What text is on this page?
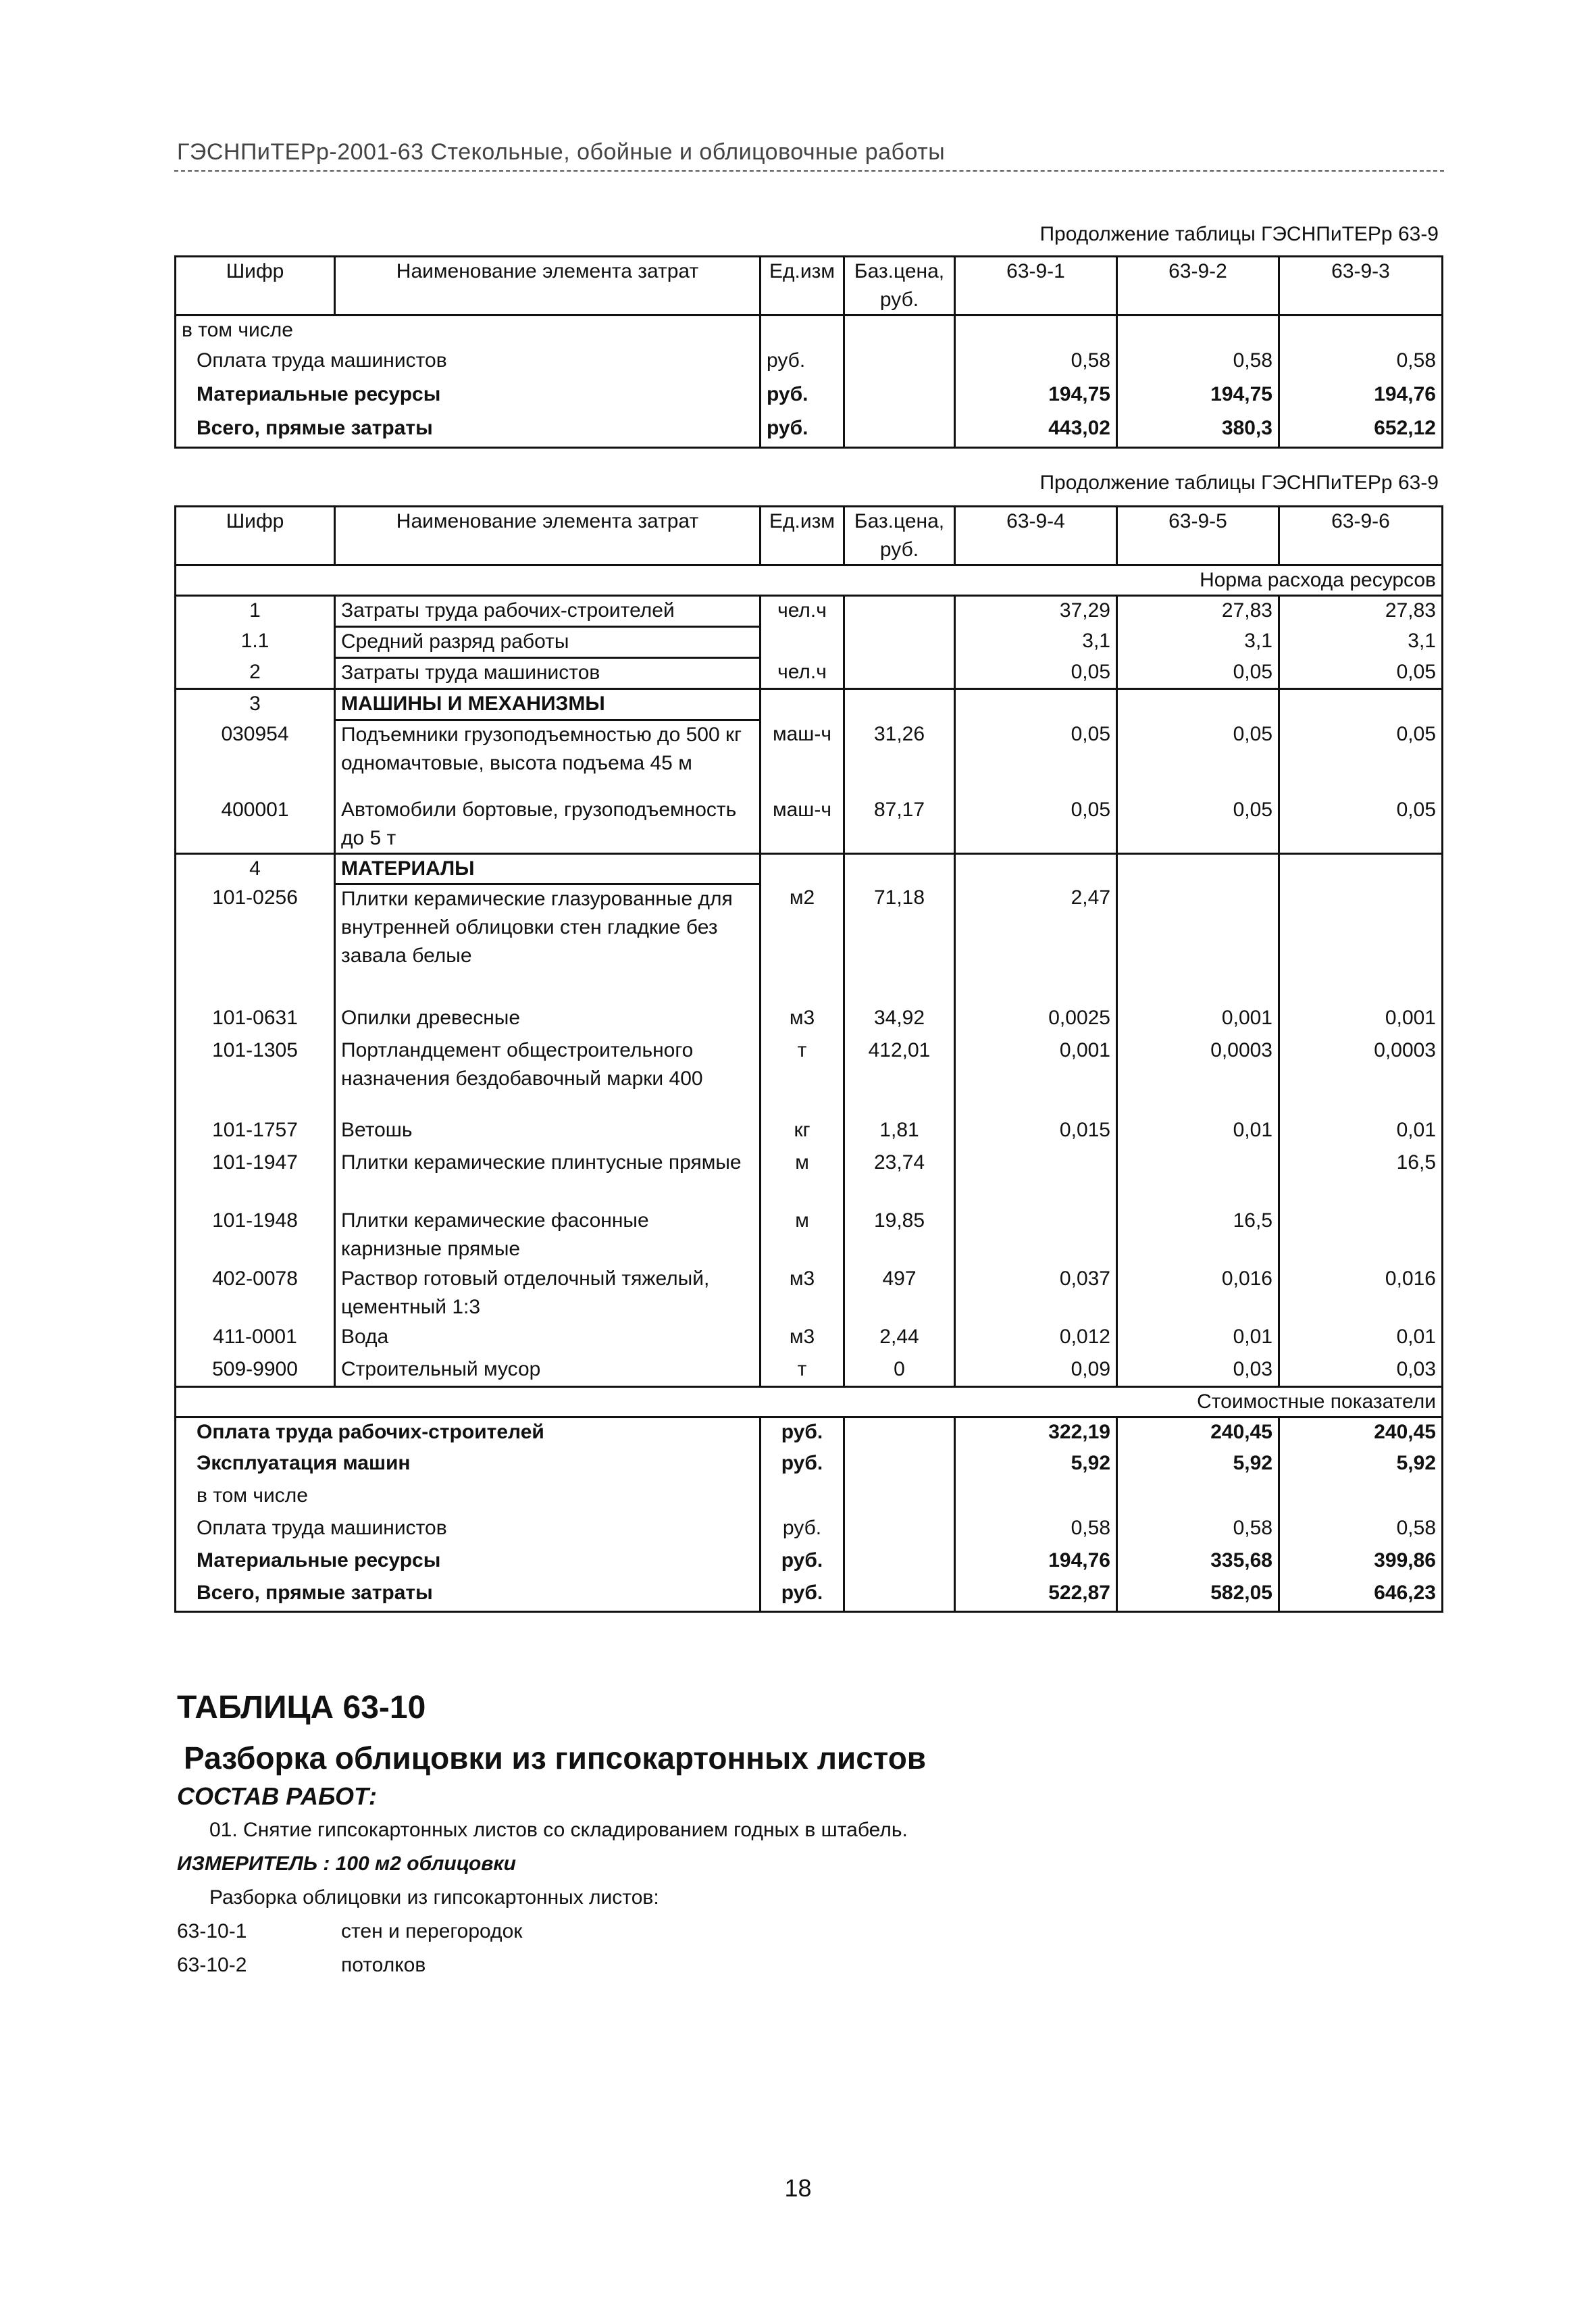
ГЭСНПиТЕРр-2001-63 Стекольные, обойные и облицовочные работы
Продолжение таблицы ГЭСНПиТЕРр 63-9
Шифр	Наименование элемента затрат	Ед.изм	Баз.цена, руб.	63-9-1	63-9-2	63-9-3
в том числе						
Оплата труда машинистов		руб.		0,58	0,58	0,58
Материальные ресурсы		руб.		194,75	194,75	194,76
Всего, прямые затраты		руб.		443,02	380,3	652,12
Продолжение таблицы ГЭСНПиТЕРр 63-9
Шифр	Наименование элемента затрат	Ед.изм	Баз.цена, руб.	63-9-4	63-9-5	63-9-6
Норма расхода ресурсов						
1	Затраты труда рабочих-строителей	чел.ч		37,29	27,83	27,83
1.1	Средний разряд работы			3,1	3,1	3,1
2	Затраты труда машинистов	чел.ч		0,05	0,05	0,05
3	МАШИНЫ И МЕХАНИЗМЫ					
030954	Подъемники грузоподъемностью до 500 кг одномачтовые, высота подъема 45 м	маш-ч	31,26	0,05	0,05	0,05
400001	Автомобили бортовые, грузоподъемность до 5 т	маш-ч	87,17	0,05	0,05	0,05
4	МАТЕРИАЛЫ					
101-0256	Плитки керамические глазурованные для внутренней облицовки стен гладкие без завала белые	м2	71,18	2,47		
101-0631	Опилки древесные	м3	34,92	0,0025	0,001	0,001
101-1305	Портландцемент общестроительного назначения бездобавочный марки 400	т	412,01	0,001	0,0003	0,0003
101-1757	Ветошь	кг	1,81	0,015	0,01	0,01
101-1947	Плитки керамические плинтусные прямые	м	23,74			16,5
101-1948	Плитки керамические фасонные карнизные прямые	м	19,85		16,5	
402-0078	Раствор готовый отделочный тяжелый, цементный 1:3	м3	497	0,037	0,016	0,016
411-0001	Вода	м3	2,44	0,012	0,01	0,01
509-9900	Строительный мусор	т	0	0,09	0,03	0,03
Стоимостные показатели						
Оплата труда рабочих-строителей		руб.		322,19	240,45	240,45
Эксплуатация машин		руб.		5,92	5,92	5,92
в том числе						
Оплата труда машинистов		руб.		0,58	0,58	0,58
Материальные ресурсы		руб.		194,76	335,68	399,86
Всего, прямые затраты		руб.		522,87	582,05	646,23
ТАБЛИЦА 63-10
Разборка облицовки из гипсокартонных листов
СОСТАВ РАБОТ:
01. Снятие гипсокартонных листов со складированием годных в штабель.
ИЗМЕРИТЕЛЬ : 100 м2 облицовки
Разборка облицовки из гипсокартонных листов:
63-10-1	стен и перегородок
63-10-2	потолков
18
